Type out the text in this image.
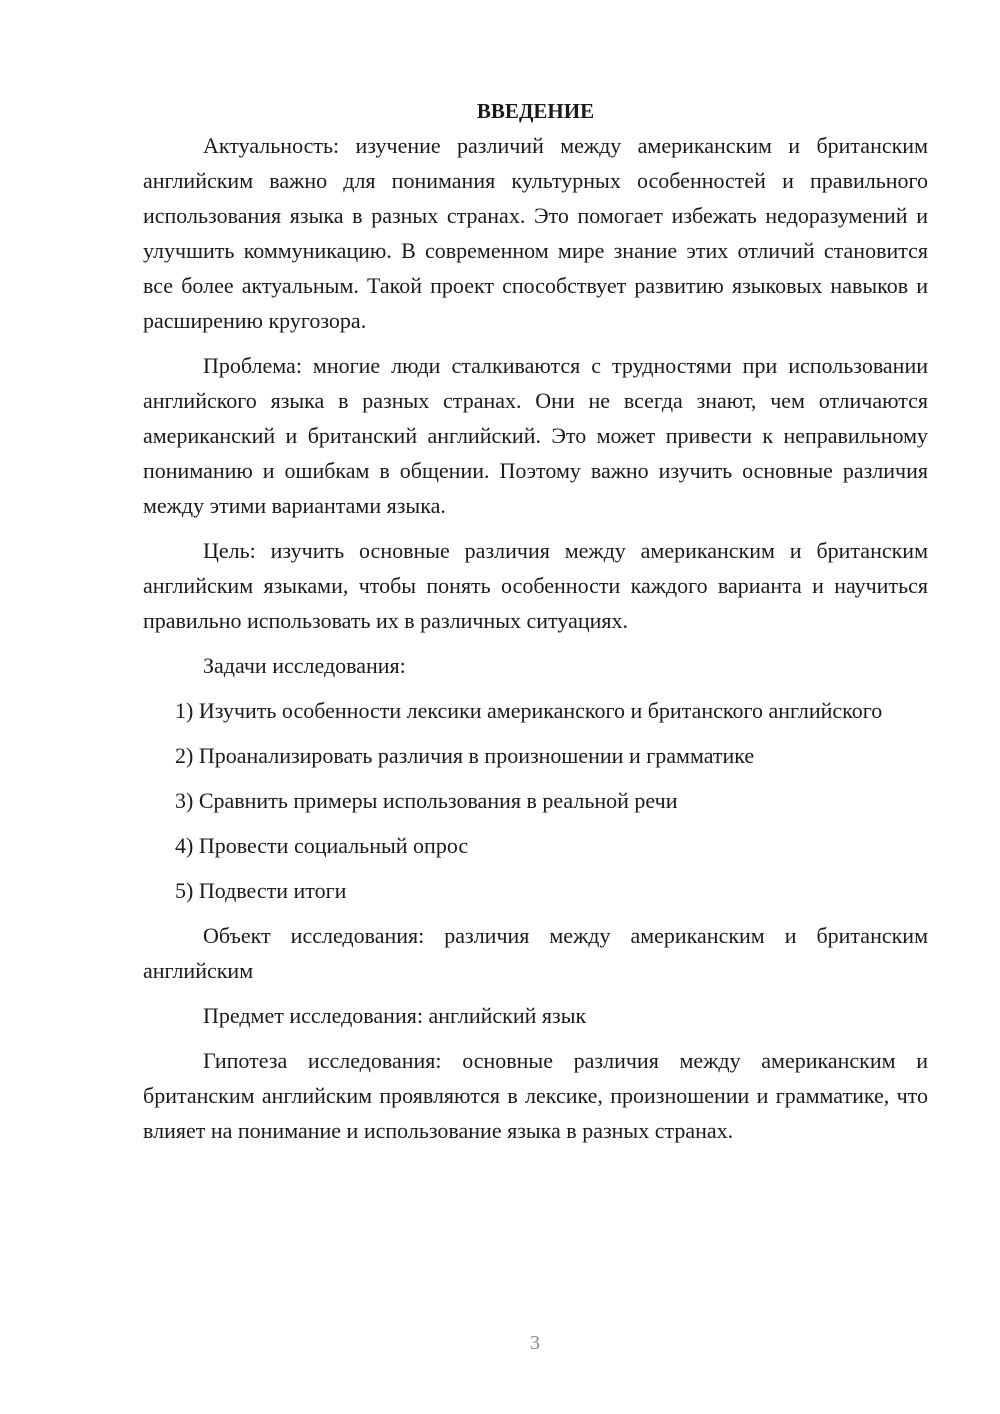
ВВЕДЕНИЕ

Актуальность: изучение различий между американским и британским английским важно для понимания культурных особенностей и правильного использования языка в разных странах. Это помогает избежать недоразумений и улучшить коммуникацию. В современном мире знание этих отличий становится все более актуальным. Такой проект способствует развитию языковых навыков и расширению кругозора.

Проблема: многие люди сталкиваются с трудностями при использовании английского языка в разных странах. Они не всегда знают, чем отличаются американский и британский английский. Это может привести к неправильному пониманию и ошибкам в общении. Поэтому важно изучить основные различия между этими вариантами языка.

Цель: изучить основные различия между американским и британским английским языками, чтобы понять особенности каждого варианта и научиться правильно использовать их в различных ситуациях.

Задачи исследования:

1) Изучить особенности лексики американского и британского английского

2) Проанализировать различия в произношении и грамматике

3) Сравнить примеры использования в реальной речи

4) Провести социальный опрос

5) Подвести итоги

Объект исследования: различия между американским и британским английским

Предмет исследования: английский язык

Гипотеза исследования: основные различия между американским и британским английским проявляются в лексике, произношении и грамматике, что влияет на понимание и использование языка в разных странах.

3
